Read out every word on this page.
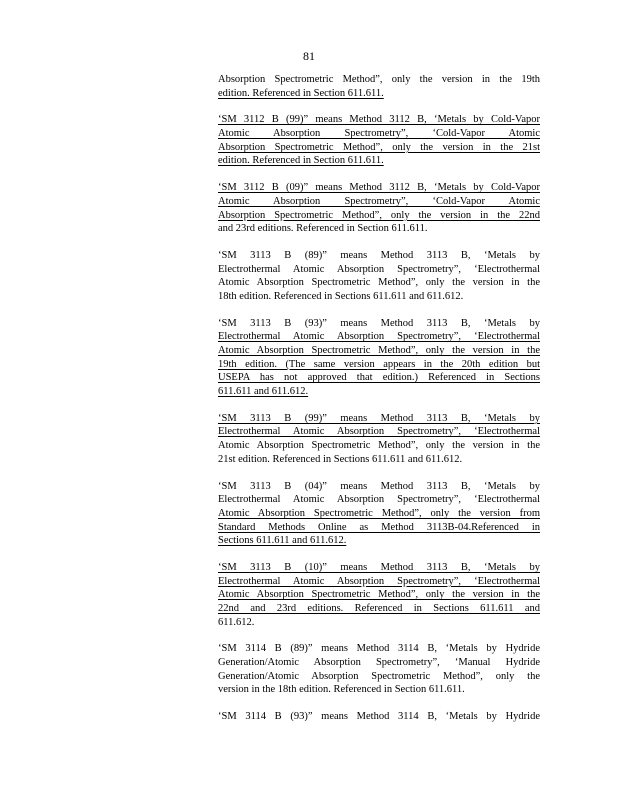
81
Absorption Spectrometric Method”, only the version in the 19th
edition. Referenced in Section 611.611.
‘SM 3112 B (99)” means Method 3112 B, ‘Metals by Cold-Vapor
Atomic Absorption Spectrometry”, ‘Cold-Vapor Atomic
Absorption Spectrometric Method”, only the version in the 21st
edition. Referenced in Section 611.611.
‘SM 3112 B (09)” means Method 3112 B, ‘Metals by Cold-Vapor
Atomic Absorption Spectrometry”, ‘Cold-Vapor Atomic
Absorption Spectrometric Method”, only the version in the 22nd
and 23rd editions. Referenced in Section 611.611.
‘SM 3113 B (89)” means Method 3113 B, ‘Metals by
Electrothermal Atomic Absorption Spectrometry”, ‘Electrothermal
Atomic Absorption Spectrometric Method”, only the version in the
18th edition. Referenced in Sections 611.611 and 611.612.
‘SM 3113 B (93)” means Method 3113 B, ‘Metals by
Electrothermal Atomic Absorption Spectrometry”, ‘Electrothermal
Atomic Absorption Spectrometric Method”, only the version in the
19th edition. (The same version appears in the 20th edition but
USEPA has not approved that edition.) Referenced in Sections
611.611 and 611.612.
‘SM 3113 B (99)” means Method 3113 B, ‘Metals by
Electrothermal Atomic Absorption Spectrometry”, ‘Electrothermal
Atomic Absorption Spectrometric Method”, only the version in the
21st edition. Referenced in Sections 611.611 and 611.612.
‘SM 3113 B (04)” means Method 3113 B, ‘Metals by
Electrothermal Atomic Absorption Spectrometry”, ‘Electrothermal
Atomic Absorption Spectrometric Method”, only the version from
Standard Methods Online as Method 3113B-04.Referenced in
Sections 611.611 and 611.612.
‘SM 3113 B (10)” means Method 3113 B, ‘Metals by
Electrothermal Atomic Absorption Spectrometry”, ‘Electrothermal
Atomic Absorption Spectrometric Method”, only the version in the
22nd and 23rd editions. Referenced in Sections 611.611 and
611.612.
‘SM 3114 B (89)” means Method 3114 B, ‘Metals by Hydride
Generation/Atomic Absorption Spectrometry”, ‘Manual Hydride
Generation/Atomic Absorption Spectrometric Method”, only the
version in the 18th edition. Referenced in Section 611.611.
‘SM 3114 B (93)” means Method 3114 B, ‘Metals by Hydride
